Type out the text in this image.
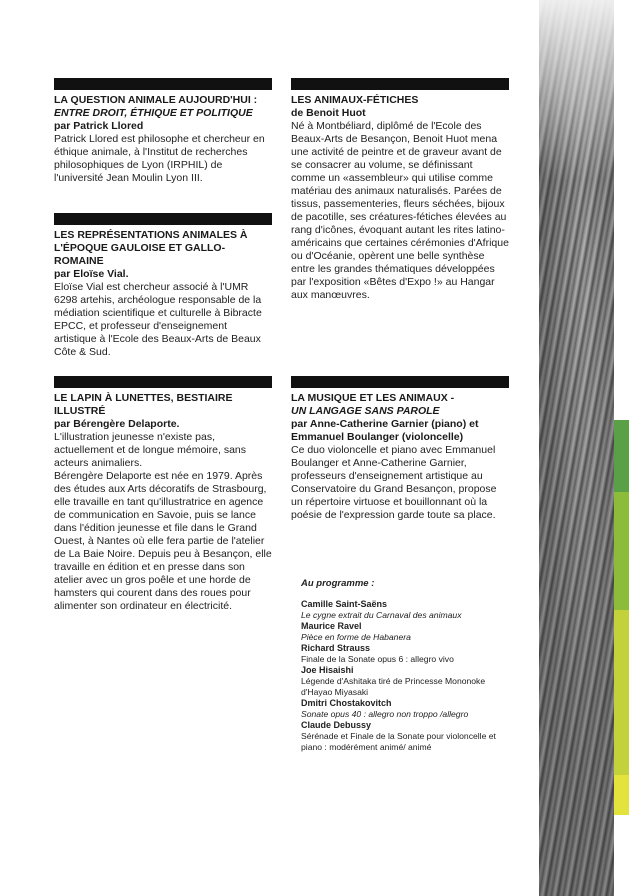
LA QUESTION ANIMALE AUJOURD'HUI :
ENTRE DROIT, ÉTHIQUE ET POLITIQUE
par Patrick Llored

Patrick Llored est philosophe et chercheur en éthique animale, à l'Institut de recherches philosophiques de Lyon (IRPHIL) de l'université Jean Moulin Lyon III.

LES REPRÉSENTATIONS ANIMALES À
L'ÉPOQUE GAULOISE ET GALLO-ROMAINE
par Eloïse Vial.

Eloïse Vial est chercheur associé à l'UMR 6298 artehis, archéologue responsable de la médiation scientifique et culturelle à Bibracte EPCC, et professeur d'enseignement artistique à l'Ecole des Beaux-Arts de Beaux Côte & Sud.

LE LAPIN À LUNETTES, BESTIAIRE ILLUSTRÉ
par Bérengère Delaporte.

L'illustration jeunesse n'existe pas, actuellement et de longue mémoire, sans acteurs animaliers.

Bérengère Delaporte est née en 1979. Après des études aux Arts décoratifs de Strasbourg, elle travaille en tant qu'illustratrice en agence de communication en Savoie, puis se lance dans l'édition jeunesse et file dans le Grand Ouest, à Nantes où elle fera partie de l'atelier de La Baie Noire. Depuis peu à Besançon, elle travaille en édition et en presse dans son atelier avec un gros poêle et une horde de hamsters qui courent dans des roues pour alimenter son ordinateur en électricité.

LES ANIMAUX-FÉTICHES
de Benoit Huot

Né à Montbéliard, diplômé de l'Ecole des Beaux-Arts de Besançon, Benoit Huot mena une activité de peintre et de graveur avant de se consacrer au volume, se définissant comme un «assembleur» qui utilise comme matériau des animaux naturalisés. Parées de tissus, passementeries, fleurs séchées, bijoux de pacotille, ses créatures-fétiches élevées au rang d'icônes, évoquant autant les rites latino-américains que certaines cérémonies d'Afrique ou d'Océanie, opèrent une belle synthèse entre les grandes thématiques développées par l'exposition «Bêtes d'Expo !» au Hangar aux manœuvres.

LA MUSIQUE ET LES ANIMAUX -
UN LANGAGE SANS PAROLE
par Anne-Catherine Garnier (piano) et
Emmanuel Boulanger (violoncelle)

Ce duo violoncelle et piano avec Emmanuel Boulanger et Anne-Catherine Garnier, professeurs d'enseignement artistique au Conservatoire du Grand Besançon, propose un répertoire virtuose et bouillonnant où la poésie de l'expression garde toute sa place.

Au programme :
Camille Saint-Saëns
Le cygne extrait du Carnaval des animaux
Maurice Ravel
Pièce en forme de Habanera
Richard Strauss
Finale de la Sonate opus 6 : allegro vivo
Joe Hisaishi
Légende d'Ashitaka tiré de Princesse Mononoke d'Hayao Miyasaki
Dmitri Chostakovitch
Sonate opus 40 : allegro non troppo /allegro
Claude Debussy
Sérénade et Finale de la Sonate pour violoncelle et piano : modérément animé/ animé
